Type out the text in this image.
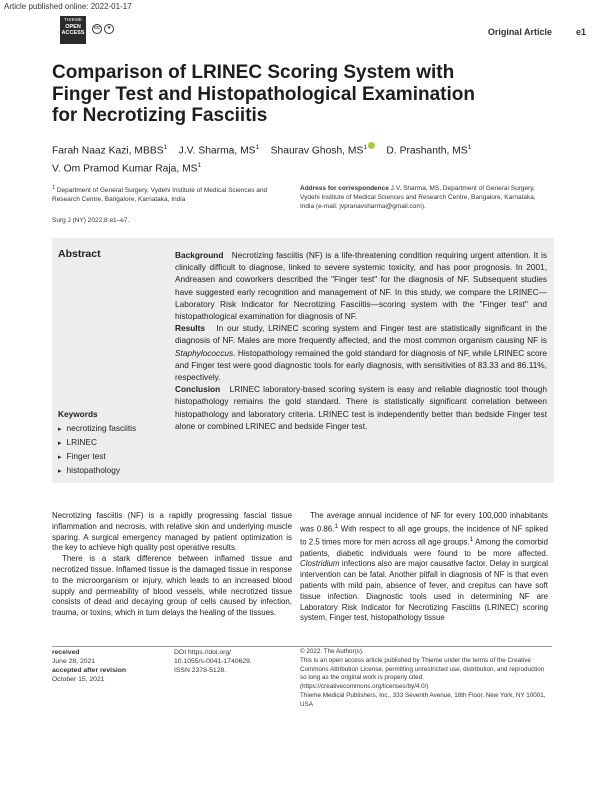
Article published online: 2022-01-17
THIEME
OPEN
ACCESS
cc	●	Original Article	e1
Comparison of LRINEC Scoring System with Finger Test and Histopathological Examination for Necrotizing Fasciitis
Farah Naaz Kazi, MBBS$^1$ J.V. Sharma, $MS^1$ Shaurav Ghosh, $MS^1$ D. Prashanth, $MS^1$
V. Om Pramod Kumar Raja, $MS^1$
$^1$ Department of General Surgery, Vydehi Institute of Medical Sciences and Research Centre, Bangalore, Karnataka, India
Address for correspondence J.V. Sharma, MS, Department of General Surgery, Vydehi Institute of Medical Sciences and Research Centre, Bangalore, Karnataka, India (e-mail: jvpranavsharma@gmail.com).
Surg J (NY) 2022;8:e1–e7.
Abstract	Background Necrotizing fasciitis (NF) is a life-threatening condition requiring urgent attention. It is clinically difficult to diagnose, linked to severe systemic toxicity, and has poor prognosis. In 2001, Andreasen and coworkers described the "Finger test" for the diagnosis of NF. Subsequent studies have suggested early recognition and management of NF. In this study, we compare the LRINEC—Laboratory Risk Indicator for Necrotizing Fasciitis—scoring system with the "Finger test" and histopathological examination for diagnosis of NF.

Results In our study, LRINEC scoring system and Finger test are statistically significant in the diagnosis of NF. Males are more frequently affected, and the most common organism causing NF is Staphylococcus. Histopathology remained the gold standard for diagnosis of NF, while LRINEC score and Finger test were good diagnostic tools for early diagnosis, with sensitivities of 83.33 and 86.11%, respectively.

Conclusion LRINEC laboratory-based scoring system is easy and reliable diagnostic tool though histopathology remains the gold standard. There is statistically significant correlation between histopathology and laboratory criteria. LRINEC test is independently better than bedside Finger test alone or combined LRINEC and bedside Finger test.

Keywords
▸ necrotizing fasciitis
▸ LRINEC
▸ Finger test
▸ histopathology

Necrotizing fasciitis (NF) is a rapidly progressing fascial tissue inflammation and necrosis, with relative skin and underlying muscle sparing. A surgical emergency managed by patient optimization is the key to achieve high quality post operative results.

There is a stark difference between inflamed tissue and necrotized tissue. Inflamed tissue is the damaged tissue in response to the microorganism or injury, which leads to an increased blood supply and permeability of blood vessels, while necrotized tissue consists of dead and decaying group of cells caused by infection, trauma, or toxins, which in turn delays the healing of the tissues.

The average annual incidence of NF for every 100,000 inhabitants was 0.86.$^1$ With respect to all age groups, the incidence of NF spiked to 2.5 times more for men across all age groups.$^1$ Among the comorbid patients, diabetic individuals were found to be more affected. Clostridium infections also are major causative factor. Delay in surgical intervention can be fatal. Another pitfall in diagnosis of NF is that even patients with mild pain, absence of fever, and crepitus can have soft tissue infection. Diagnostic tools used in determining NF are Laboratory Risk Indicator for Necrotizing Fasciitis (LRINEC) scoring system, Finger test, histopathology tissue

received
June 28, 2021
accepted after revision
October 15, 2021
DOI https://doi.org/
10.1055/s-0041-1740629.
ISSN 2378-5128.
© 2022. The Author(s).
This is an open access article published by Thieme under the terms of the Creative Commons Attribution License, permitting unrestricted use, distribution, and reproduction so long as the original work is properly cited. (https://creativecommons.org/licenses/by/4.0/)
Thieme Medical Publishers, Inc., 333 Seventh Avenue, 18th Floor, New York, NY 10001, USA
